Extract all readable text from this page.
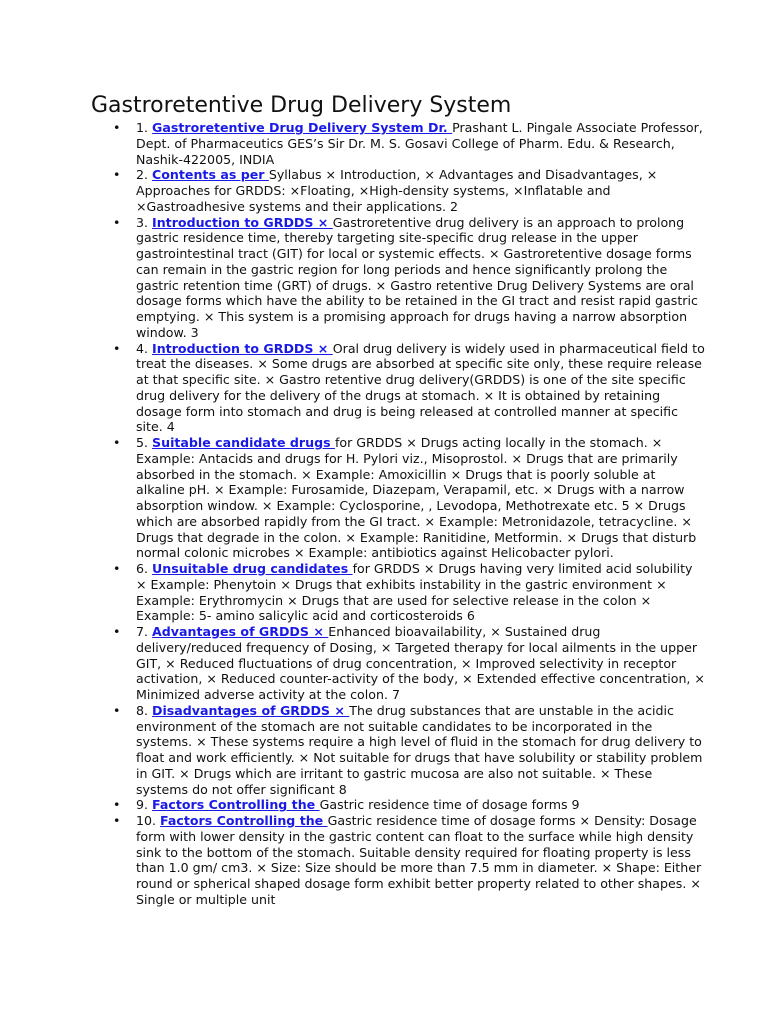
Gastroretentive Drug Delivery System
• 1. Gastroretentive Drug Delivery System Dr. Prashant L. Pingale Associate Professor, Dept. of Pharmaceutics GES’s Sir Dr. M. S. Gosavi College of Pharm. Edu. & Research, Nashik-422005, INDIA
• 2. Contents as per Syllabus × Introduction, × Advantages and Disadvantages, × Approaches for GRDDS: ×Floating, ×High-density systems, ×Inflatable and ×Gastroadhesive systems and their applications. 2
• 3. Introduction to GRDDS × Gastroretentive drug delivery is an approach to prolong gastric residence time, thereby targeting site-specific drug release in the upper gastrointestinal tract (GIT) for local or systemic effects. × Gastroretentive dosage forms can remain in the gastric region for long periods and hence significantly prolong the gastric retention time (GRT) of drugs. × Gastro retentive Drug Delivery Systems are oral dosage forms which have the ability to be retained in the GI tract and resist rapid gastric emptying. × This system is a promising approach for drugs having a narrow absorption window. 3
• 4. Introduction to GRDDS × Oral drug delivery is widely used in pharmaceutical field to treat the diseases. × Some drugs are absorbed at specific site only, these require release at that specific site. × Gastro retentive drug delivery(GRDDS) is one of the site specific drug delivery for the delivery of the drugs at stomach. × It is obtained by retaining dosage form into stomach and drug is being released at controlled manner at specific site. 4
• 5. Suitable candidate drugs for GRDDS × Drugs acting locally in the stomach. × Example: Antacids and drugs for H. Pylori viz., Misoprostol. × Drugs that are primarily absorbed in the stomach. × Example: Amoxicillin × Drugs that is poorly soluble at alkaline pH. × Example: Furosamide, Diazepam, Verapamil, etc. × Drugs with a narrow absorption window. × Example: Cyclosporine, , Levodopa, Methotrexate etc. 5 × Drugs which are absorbed rapidly from the GI tract. × Example: Metronidazole, tetracycline. × Drugs that degrade in the colon. × Example: Ranitidine, Metformin. × Drugs that disturb normal colonic microbes × Example: antibiotics against Helicobacter pylori.
• 6. Unsuitable drug candidates for GRDDS × Drugs having very limited acid solubility × Example: Phenytoin × Drugs that exhibits instability in the gastric environment × Example: Erythromycin × Drugs that are used for selective release in the colon × Example: 5- amino salicylic acid and corticosteroids 6
• 7. Advantages of GRDDS × Enhanced bioavailability, × Sustained drug delivery/reduced frequency of Dosing, × Targeted therapy for local ailments in the upper GIT, × Reduced fluctuations of drug concentration, × Improved selectivity in receptor activation, × Reduced counter-activity of the body, × Extended effective concentration, × Minimized adverse activity at the colon. 7
• 8. Disadvantages of GRDDS × The drug substances that are unstable in the acidic environment of the stomach are not suitable candidates to be incorporated in the systems. × These systems require a high level of fluid in the stomach for drug delivery to float and work efficiently. × Not suitable for drugs that have solubility or stability problem in GIT. × Drugs which are irritant to gastric mucosa are also not suitable. × These systems do not offer significant 8
• 9. Factors Controlling the Gastric residence time of dosage forms 9
• 10. Factors Controlling the Gastric residence time of dosage forms × Density: Dosage form with lower density in the gastric content can float to the surface while high density sink to the bottom of the stomach. Suitable density required for floating property is less than 1.0 gm/ cm3. × Size: Size should be more than 7.5 mm in diameter. × Shape: Either round or spherical shaped dosage form exhibit better property related to other shapes. × Single or multiple unit
